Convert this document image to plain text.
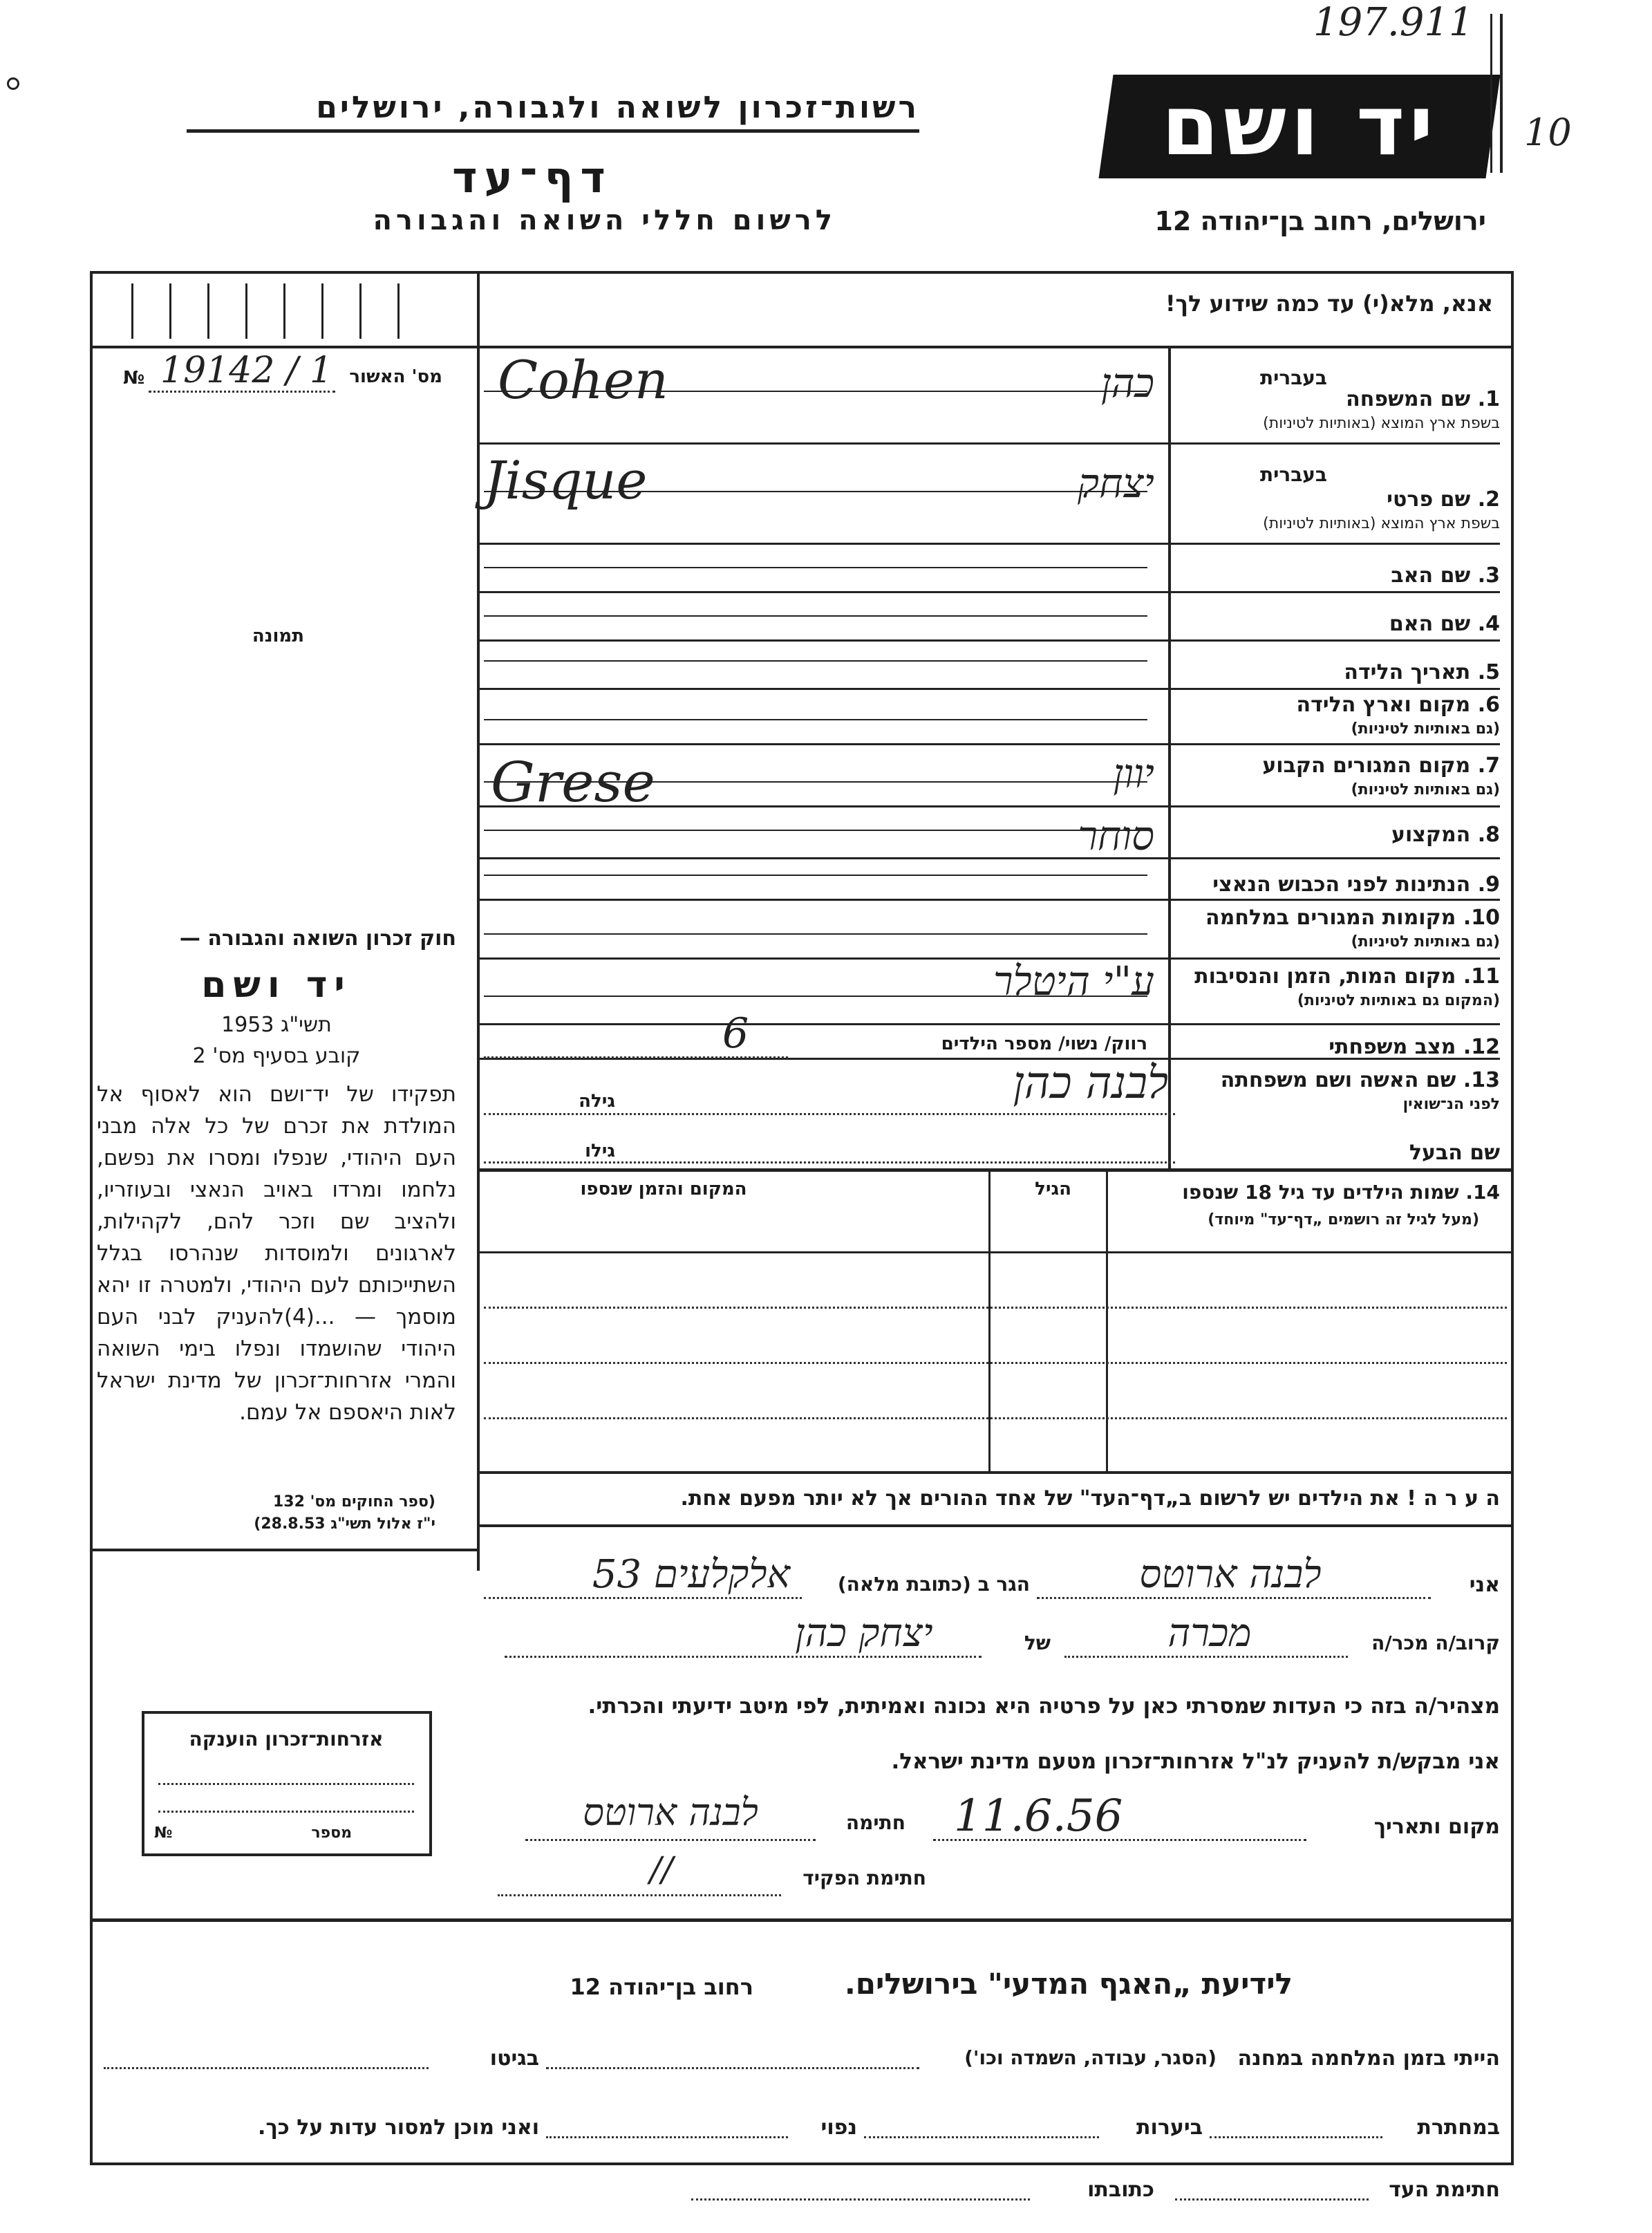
197.911
10
יד ושם
רשות־זכרון לשואה ולגבורה, ירושלים
דף־עד
לרשום חללי השואה והגבורה	ירושלים, רחוב בן־יהודה 12
אנא, מלא(י) עד כמה שידוע לך!
№ 19142 / 1 מס' האשור
תמונה
חוק זכרון השואה והגבורה —
יד ושם
תשי"ג 1953
קובע בסעיף מס' 2
תפקידו של יד־ושם הוא לאסוף אל המולדת את זכרם של כל אלה מבני העם היהודי, שנפלו ומסרו את נפשם, נלחמו ומרדו באויב הנאצי ובעוזריו, ולהציב שם וזכר להם, לקהילות, לארגונים ולמוסדות שנהרסו בגלל השתייכותם לעם היהודי, ולמטרה זו יהא מוסמך — ...(4)להעניק לבני העם היהודי שהושמדו ונפלו בימי השואה והמרי אזרחות־זכרון של מדינת ישראל לאות היאספם אל עמם.
(ספר החוקים מס' 132
י"ז אלול תשי"ג 28.8.53)
בעברית
בעברית
1. שם המשפחה
בשפת ארץ המוצא (באותיות לטיניות)
Cohen	כהן
2. שם פרטי
בשפת ארץ המוצא (באותיות לטיניות)
Jisque	יצחק
3. שם האב
4. שם האם
5. תאריך הלידה
6. מקום וארץ הלידה
(גם באותיות לטיניות)
7. מקום המגורים הקבוע
(גם באותיות לטיניות)
Grese	יוון
8. המקצוע
סוחר
9. הנתינות לפני הכבוש הנאצי
10. מקומות המגורים במלחמה
(גם באותיות לטיניות)
11. מקום המות, הזמן והנסיבות
(המקום גם באותיות לטיניות)
ע"י היטלר
12. מצב משפחתי
רווק/ נשוי/ מספר הילדים
6
13. שם האשה ושם משפחתה
לפני הנ־שואין
לבנה כהן
גילה
שם הבעל
גילו
14. שמות הילדים עד גיל 18 שנספו
(מעל לגיל זה רושמים „דף־עד" מיוחד)
הגיל
המקום והזמן שנספו
ה ע ר ה ! את הילדים יש לרשום ב„דף־העד" של אחד ההורים אך לא יותר מפעם אחת.
אני
לבנה ארוטס
הגר ב (כתובת מלאה)
אלקלעים 53
קרוב/ה מכר/ה
מכרה
של
יצחק כהן
מצהיר/ה בזה כי העדות שמסרתי כאן על פרטיה היא נכונה ואמיתית, לפי מיטב ידיעתי והכרתי.
אני מבקש/ת להעניק לנ"ל אזרחות־זכרון מטעם מדינת ישראל.
מקום ותאריך
11.6.56
חתימה
לבנה ארוטס
חתימת הפקיד
//
אזרחות־זכרון הוענקה
№	מספר
לידיעת „האגף המדעי" בירושלים.
רחוב בן־יהודה 12
הייתי בזמן המלחמה במחנה
(הסגר, עבודה, השמדה וכו')
בגיטו
במחתרת
ביערות
נפוי
ואני מוכן למסור עדות על כך.
חתימת העד
כתובתו
